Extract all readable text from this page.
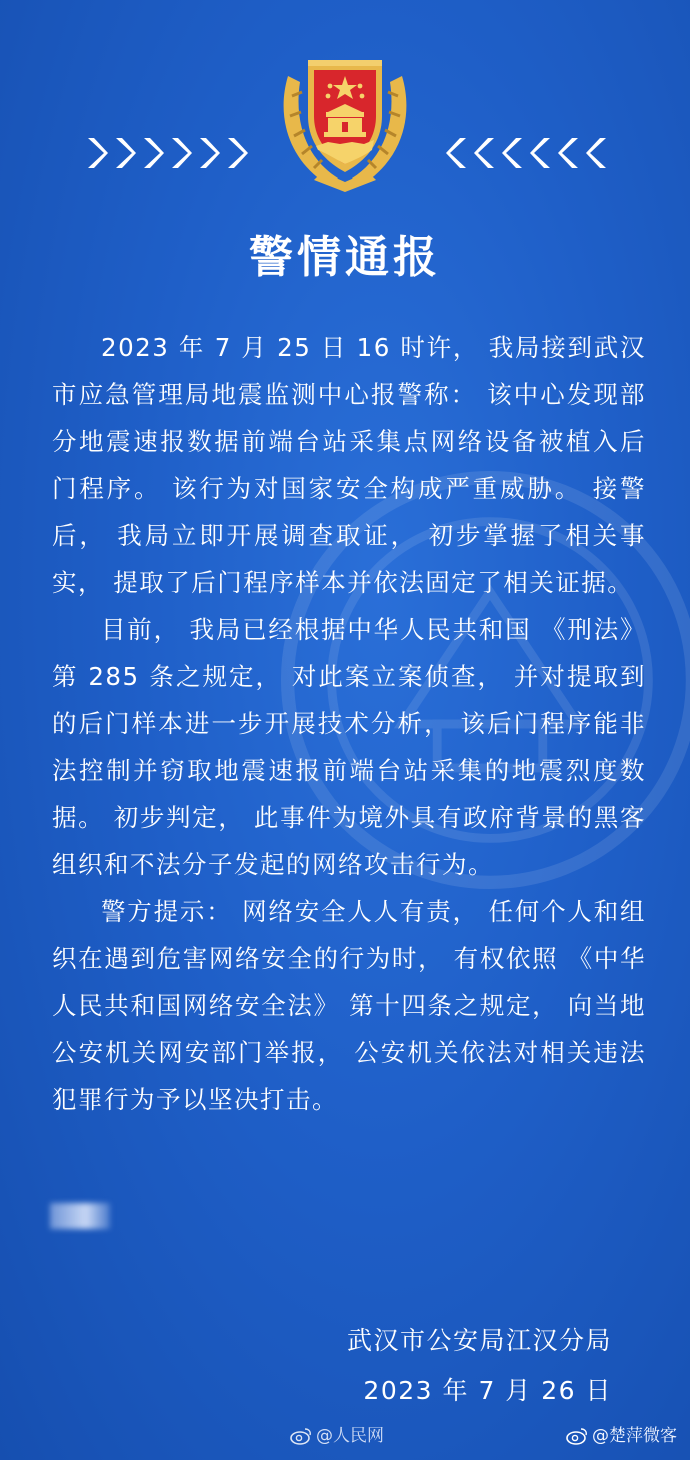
警情通报

2023 年 7 月 25 日 16 时许， 我局接到武汉市应急管理局地震监测中心报警称： 该中心发现部分地震速报数据前端台站采集点网络设备被植入后门程序。 该行为对国家安全构成严重威胁。 接警后， 我局立即开展调查取证， 初步掌握了相关事实， 提取了后门程序样本并依法固定了相关证据。

目前， 我局已经根据中华人民共和国 《刑法》 第 285 条之规定， 对此案立案侦查， 并对提取到的后门样本进一步开展技术分析， 该后门程序能非法控制并窃取地震速报前端台站采集的地震烈度数据。 初步判定， 此事件为境外具有政府背景的黑客组织和不法分子发起的网络攻击行为。

警方提示： 网络安全人人有责， 任何个人和组织在遇到危害网络安全的行为时， 有权依照 《中华人民共和国网络安全法》 第十四条之规定， 向当地公安机关网安部门举报， 公安机关依法对相关违法犯罪行为予以坚决打击。

武汉市公安局江汉分局
2023 年 7 月 26 日
@人民网	@楚萍微客
